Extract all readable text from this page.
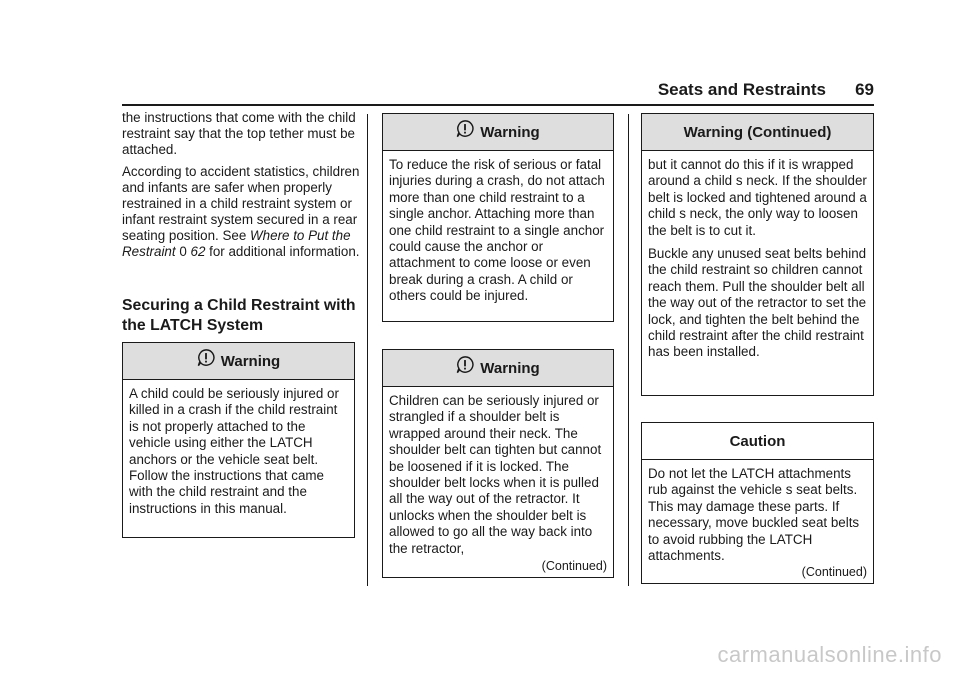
Seats and Restraints 69
the instructions that come with the child restraint say that the top tether must be attached.
According to accident statistics, children and infants are safer when properly restrained in a child restraint system or infant restraint system secured in a rear seating position. See Where to Put the Restraint 0 62 for additional information.
Securing a Child Restraint with the LATCH System
Warning

A child could be seriously injured or killed in a crash if the child restraint is not properly attached to the vehicle using either the LATCH anchors or the vehicle seat belt. Follow the instructions that came with the child restraint and the instructions in this manual.

Warning

To reduce the risk of serious or fatal injuries during a crash, do not attach more than one child restraint to a single anchor. Attaching more than one child restraint to a single anchor could cause the anchor or attachment to come loose or even break during a crash. A child or others could be injured.

Warning

Children can be seriously injured or strangled if a shoulder belt is wrapped around their neck. The shoulder belt can tighten but cannot be loosened if it is locked. The shoulder belt locks when it is pulled all the way out of the retractor. It unlocks when the shoulder belt is allowed to go all the way back into the retractor,

(Continued)
Warning (Continued)

but it cannot do this if it is wrapped around a child s neck. If the shoulder belt is locked and tightened around a child s neck, the only way to loosen the belt is to cut it.

Buckle any unused seat belts behind the child restraint so children cannot reach them. Pull the shoulder belt all the way out of the retractor to set the lock, and tighten the belt behind the child restraint after the child restraint has been installed.

Caution

Do not let the LATCH attachments rub against the vehicle s seat belts. This may damage these parts. If necessary, move buckled seat belts to avoid rubbing the LATCH attachments.

(Continued)
carmanualsonline.info
